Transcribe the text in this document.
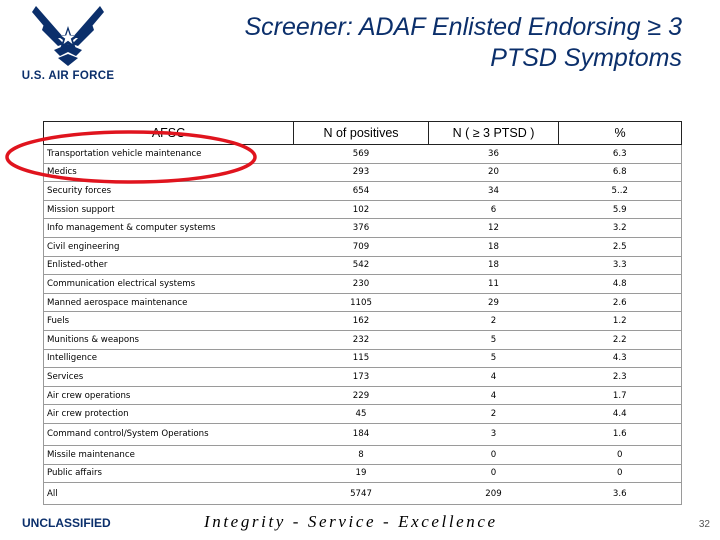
U.S. AIR FORCE
Screener: ADAF Enlisted Endorsing ≥ 3
PTSD Symptoms
AFSC	N of positives	N ( ≥ 3 PTSD )	%
Transportation vehicle maintenance	569	36	6.3
Medics	293	20	6.8
Security forces	654	34	5..2
Mission support	102	6	5.9
Info management & computer systems	376	12	3.2
Civil engineering	709	18	2.5
Enlisted-other	542	18	3.3
Communication electrical systems	230	11	4.8
Manned aerospace maintenance	1105	29	2.6
Fuels	162	2	1.2
Munitions & weapons	232	5	2.2
Intelligence	115	5	4.3
Services	173	4	2.3
Air crew operations	229	4	1.7
Air crew protection	45	2	4.4
Command control/System Operations	184	3	1.6
Missile maintenance	8	0	0
Public affairs	19	0	0
All	5747	209	3.6
UNCLASSIFIED	Integrity - Service - Excellence	32
